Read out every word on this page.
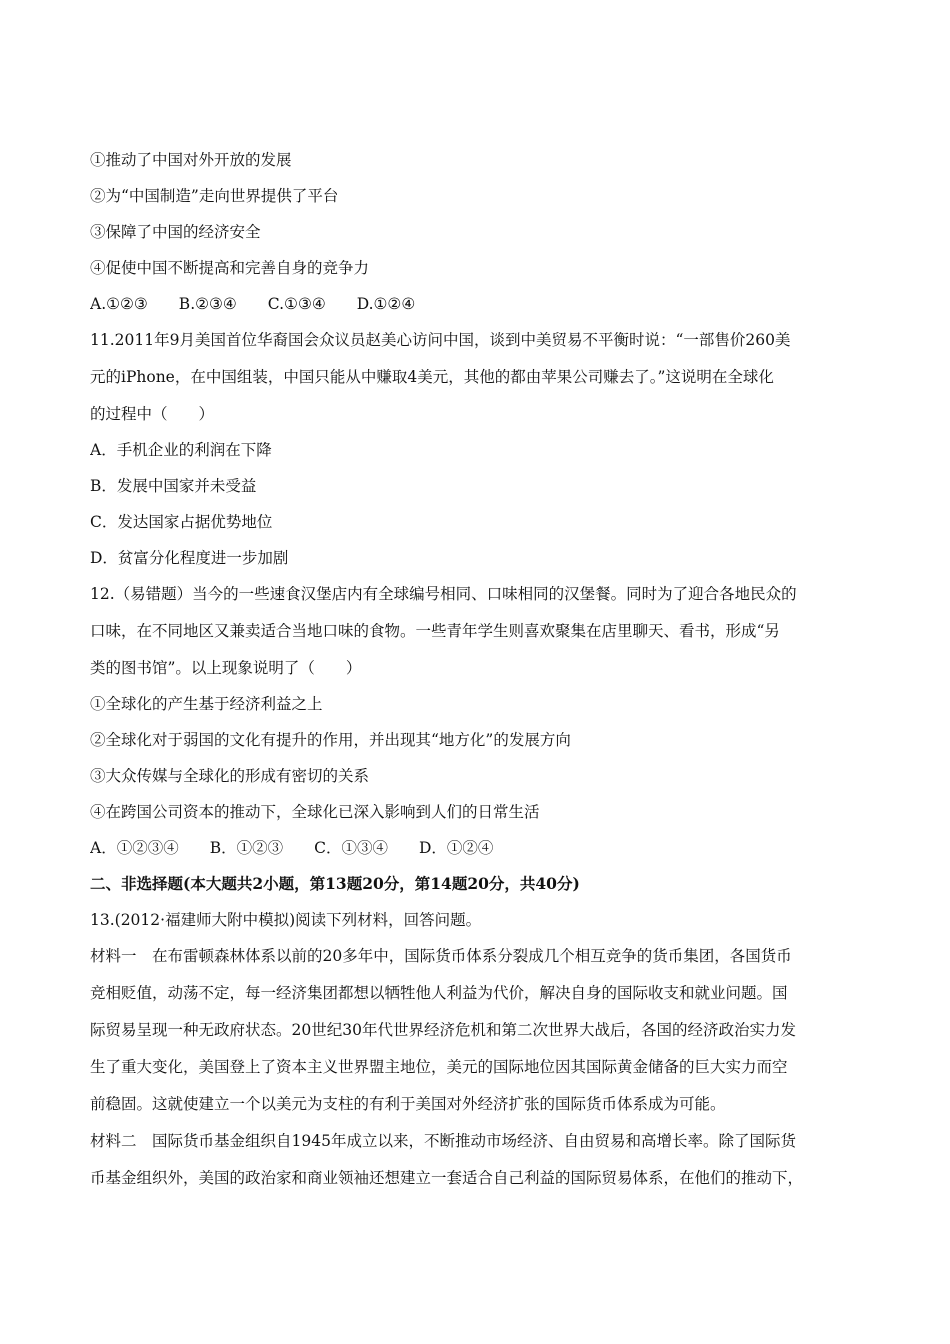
①推动了中国对外开放的发展
②为“中国制造”走向世界提供了平台
③保障了中国的经济安全
④促使中国不断提高和完善自身的竞争力
A.①②③　　B.②③④　　C.①③④　　D.①②④
11.2011年9月美国首位华裔国会众议员赵美心访问中国，谈到中美贸易不平衡时说：“一部售价260美
元的iPhone，在中国组装，中国只能从中赚取4美元，其他的都由苹果公司赚去了。”这说明在全球化
的过程中（　　）
A．手机企业的利润在下降
B．发展中国家并未受益
C．发达国家占据优势地位
D．贫富分化程度进一步加剧
12.（易错题）当今的一些速食汉堡店内有全球编号相同、口味相同的汉堡餐。同时为了迎合各地民众的
口味，在不同地区又兼卖适合当地口味的食物。一些青年学生则喜欢聚集在店里聊天、看书，形成“另
类的图书馆”。以上现象说明了（　　）
①全球化的产生基于经济利益之上
②全球化对于弱国的文化有提升的作用，并出现其“地方化”的发展方向
③大众传媒与全球化的形成有密切的关系
④在跨国公司资本的推动下，全球化已深入影响到人们的日常生活
A．①②③④　　B．①②③　　C．①③④　　D．①②④
二、非选择题(本大题共2小题，第13题20分，第14题20分，共40分)
13.(2012·福建师大附中模拟)阅读下列材料，回答问题。
材料一　在布雷顿森林体系以前的20多年中，国际货币体系分裂成几个相互竞争的货币集团，各国货币
竞相贬值，动荡不定，每一经济集团都想以牺牲他人利益为代价，解决自身的国际收支和就业问题。国
际贸易呈现一种无政府状态。20世纪30年代世界经济危机和第二次世界大战后，各国的经济政治实力发
生了重大变化，美国登上了资本主义世界盟主地位，美元的国际地位因其国际黄金储备的巨大实力而空
前稳固。这就使建立一个以美元为支柱的有利于美国对外经济扩张的国际货币体系成为可能。
材料二　国际货币基金组织自1945年成立以来，不断推动市场经济、自由贸易和高增长率。除了国际货
币基金组织外，美国的政治家和商业领袖还想建立一套适合自己利益的国际贸易体系，在他们的推动下，
